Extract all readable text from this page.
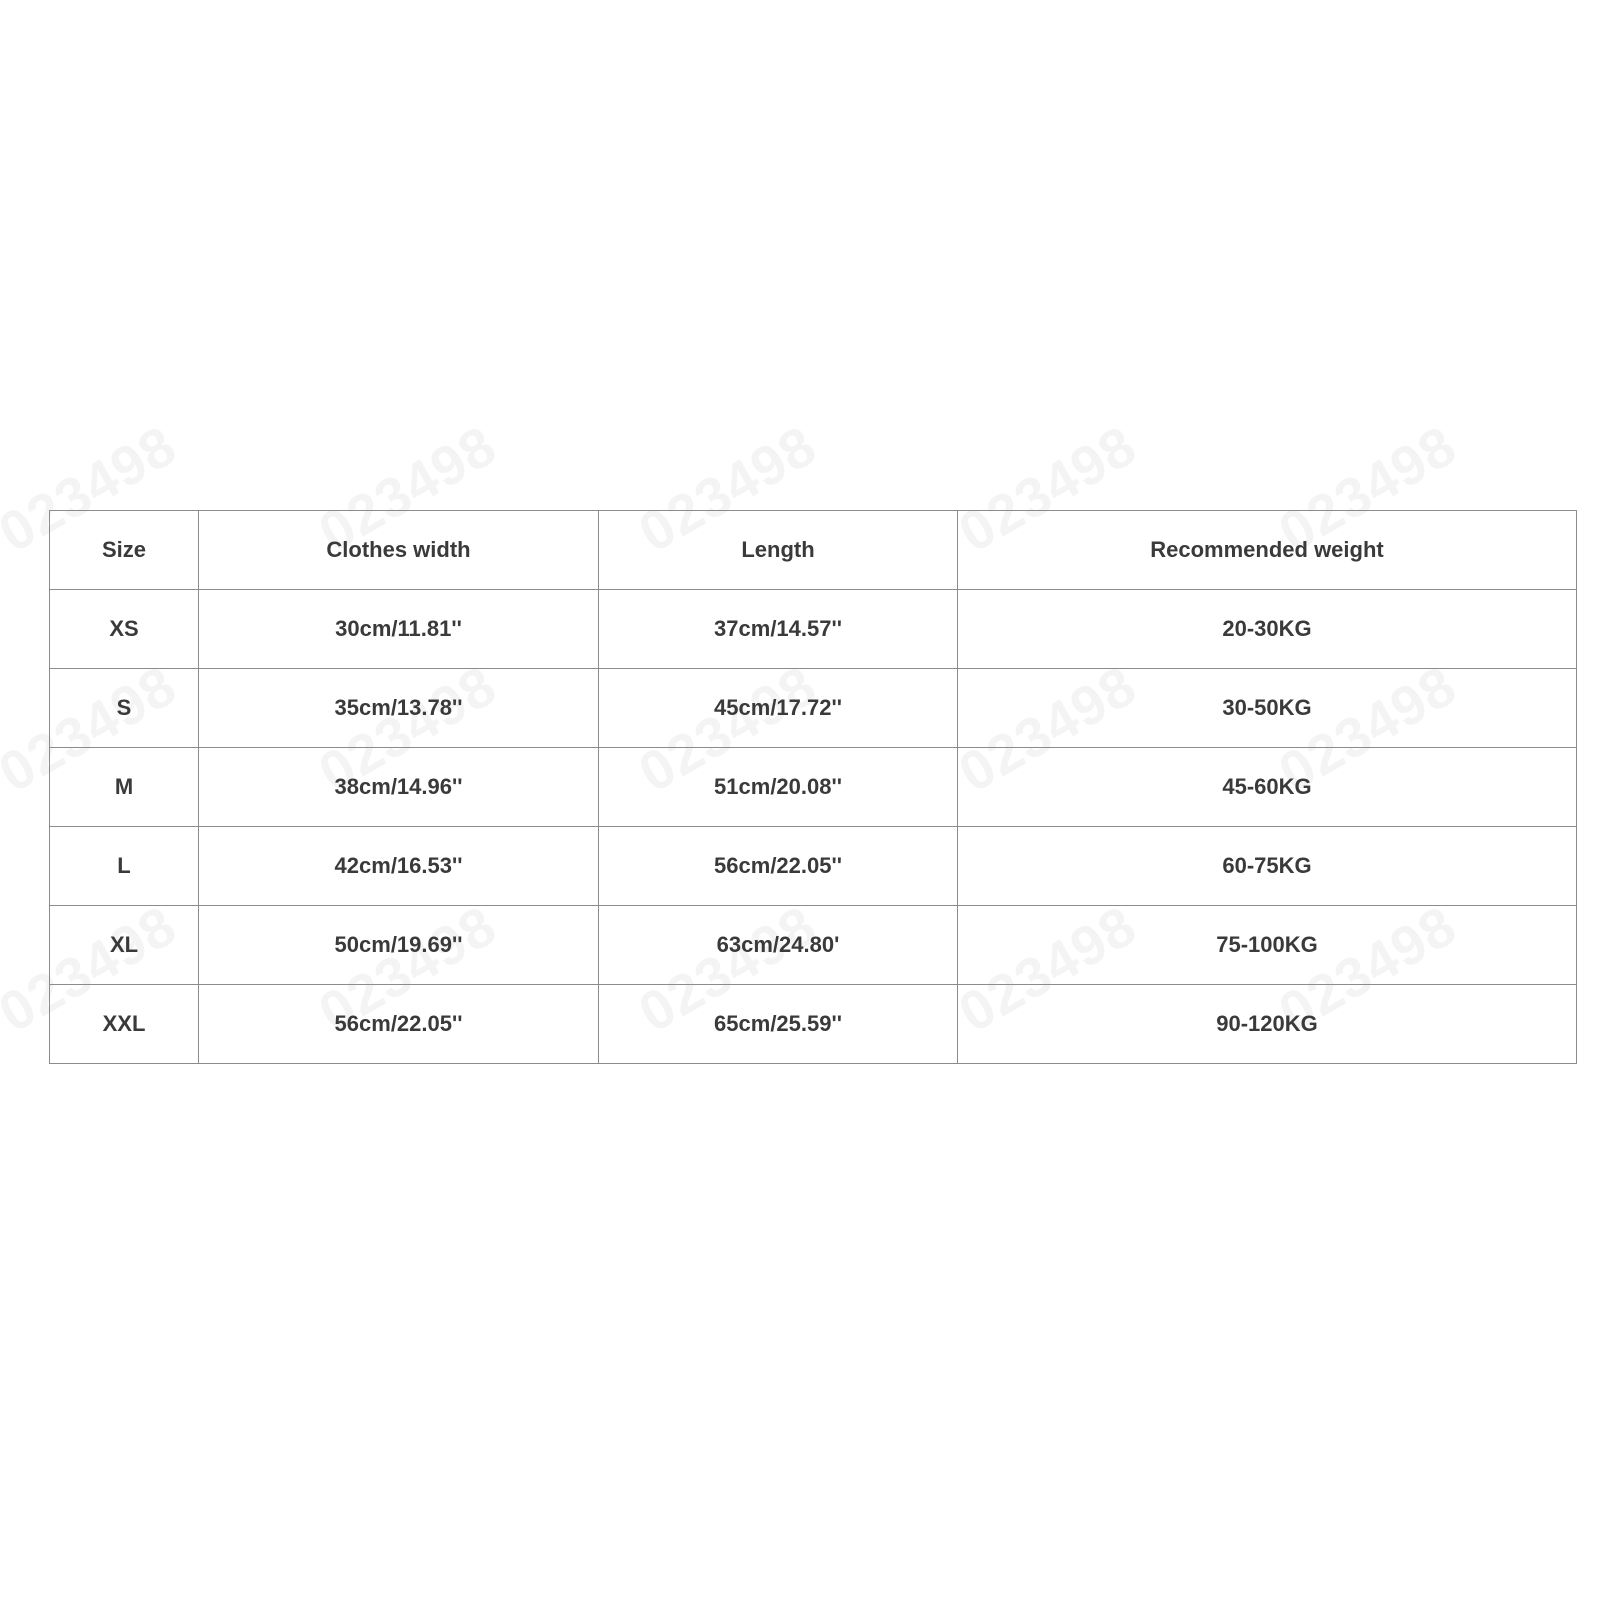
Size	Clothes width	Length	Recommended weight
XS	30cm/11.81''	37cm/14.57''	20-30KG
S	35cm/13.78''	45cm/17.72''	30-50KG
M	38cm/14.96''	51cm/20.08''	45-60KG
L	42cm/16.53''	56cm/22.05''	60-75KG
XL	50cm/19.69''	63cm/24.80'	75-100KG
XXL	56cm/22.05''	65cm/25.59''	90-120KG
